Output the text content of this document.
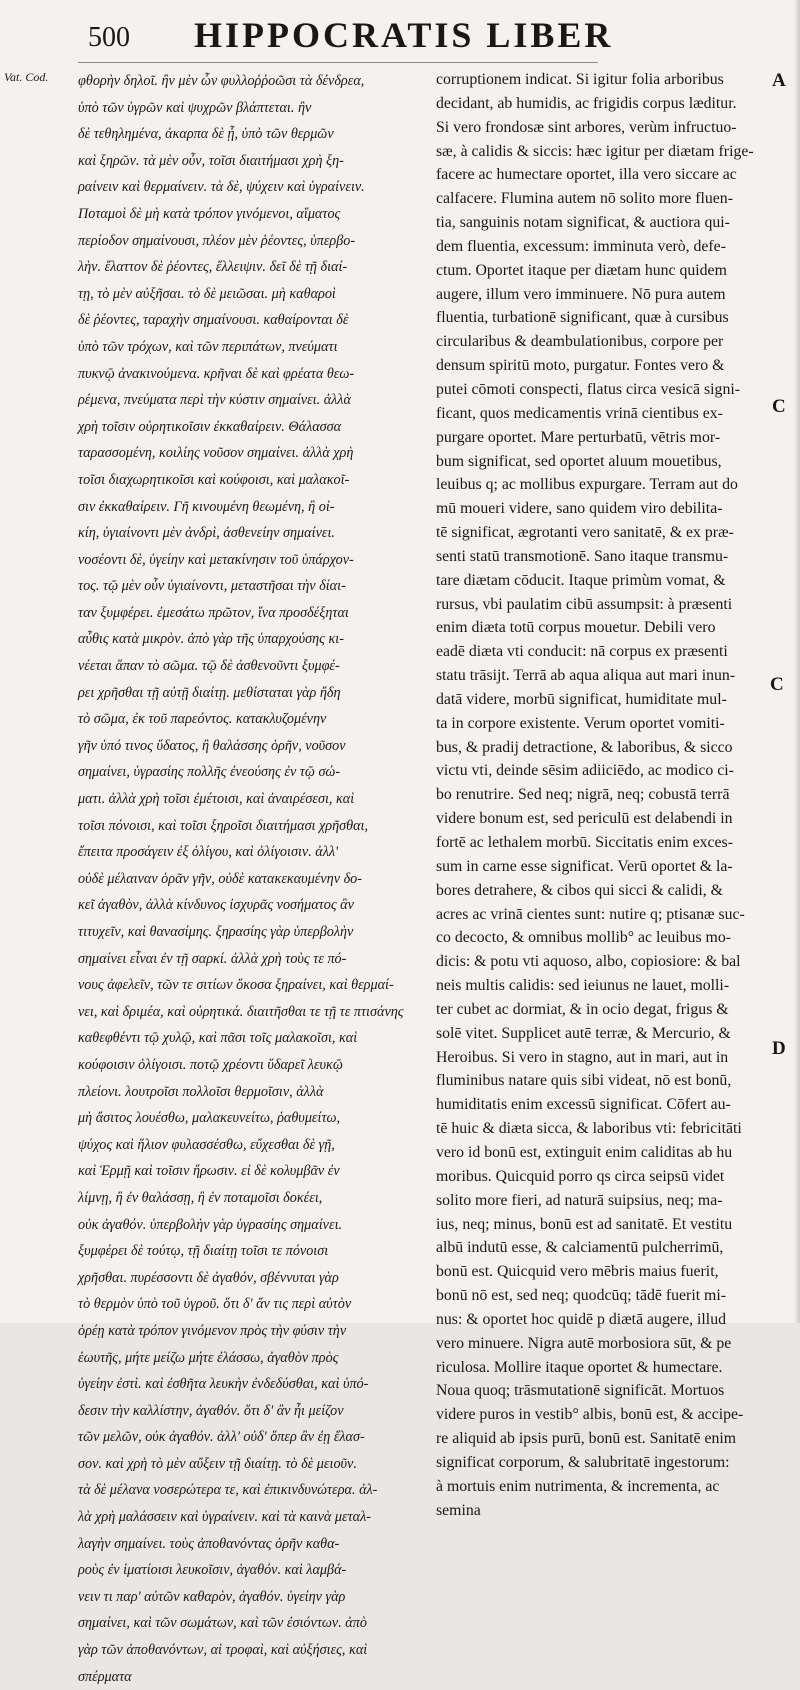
500 HIPPOCRATIS LIBER
Vat. Cod. φθορὴν δηλοῖ. ἢν μὲν ὦν φυλλοῤῥοῶσι τὰ δένδρεα,
ὑπὸ τῶν ὑγρῶν καὶ ψυχρῶν βλάπτεται. ἢν
δὲ τεθηλημένα, ἀκαρπα δὲ ᾖ, ὑπὸ τῶν θερμῶν
καὶ ξηρῶν. τὰ μὲν οὖν, τοῖσι διαιτήμασι χρὴ ξη-
ραίνειν καὶ θερμαίνειν. τὰ δὲ, ψύχειν καὶ ὑγραίνειν.
Ποταμοὶ δὲ μὴ κατὰ τρόπον γινόμενοι, αἵματος
περίοδον σημαίνουσι, πλέον μὲν ῥέοντες, ὑπερβο-
λὴν. ἔλαττον δὲ ῥέοντες, ἔλλειψιν. δεῖ δὲ τῇ διαί-
τῃ, τὸ μὲν αὐξῆσαι. τὸ δὲ μειῶσαι. μὴ καθαροὶ
δὲ ῥέοντες, ταραχὴν σημαίνουσι. καθαίρονται δὲ
ὑπὸ τῶν τρόχων, καὶ τῶν περιπάτων, πνεύματι
πυκνῷ ἀνακινούμενα. κρῆναι δὲ καὶ φρέατα θεω-
ρέμενα, πνεύματα περὶ τὴν κύστιν σημαίνει. ἀλλὰ
χρὴ τοῖσιν οὐρητικοῖσιν ἐκκαθαίρειν. Θάλασσα
ταρασσομένη, κοιλίης νοῦσον σημαίνει. ἀλλὰ χρὴ
τοῖσι διαχωρητικοῖσι καὶ κούφοισι, καὶ μαλακοῖ-
σιν ἐκκαθαίρειν. Γῆ κινουμένη θεωμένη, ἢ οἰ-
κίη, ὑγιαίνοντι μὲν ἀνδρὶ, ἀσθενείην σημαίνει.
νοσέοντι δὲ, ὑγείην καὶ μετακίνησιν τοῦ ὑπάρχον-
τος. τῷ μὲν οὖν ὑγιαίνοντι, μεταστῆσαι τὴν δίαι-
ταν ξυμφέρει. ἐμεσάτω πρῶτον, ἵνα προσδέξηται
αὖθις κατὰ μικρὸν. ἀπὸ γὰρ τῆς ὑπαρχούσης κι-
νέεται ἅπαν τὸ σῶμα. τῷ δὲ ἀσθενοῦντι ξυμφέ-
ρει χρῆσθαι τῇ αὐτῇ διαίτῃ. μεθίσταται γὰρ ἤδη
τὸ σῶμα, ἐκ τοῦ παρεόντος. κατακλυζομένην
γῆν ὑπό τινος ὕδατος, ἢ θαλάσσης ὁρῆν, νοῦσον
σημαίνει, ὑγρασίης πολλῆς ἐνεούσης ἐν τῷ σώ-
ματι. ἀλλὰ χρὴ τοῖσι ἐμέτοισι, καὶ ἀναιρέσεσι, καὶ
τοῖσι πόνοισι, καὶ τοῖσι ξηροῖσι διαιτήμασι χρῆσθαι,
ἔπειτα προσάγειν ἐξ ὀλίγου, καὶ ὀλίγοισιν. ἀλλ'
οὐδὲ μέλαιναν ὁρᾶν γῆν, οὐδὲ κατακεκαυμένην δο-
κεῖ ἀγαθὸν, ἀλλὰ κίνδυνος ἰσχυρᾶς νοσήματος ἂν
τιτυχεῖν, καὶ θανασίμης. ξηρασίης γὰρ ὑπερβολὴν
σημαίνει εἶναι ἐν τῇ σαρκί. ἀλλὰ χρὴ τοὺς τε πό-
νους ἀφελεῖν, τῶν τε σιτίων ὅκοσα ξηραίνει, καὶ θερμαί-
νει, καὶ δριμέα, καὶ οὐρητικά. διαιτῆσθαι τε τῇ τε πτισάνης
καθεφθέντι τῷ χυλῷ, καὶ πᾶσι τοῖς μαλακοῖσι, καὶ
κούφοισιν ὀλίγοισι. ποτῷ χρέοντι ὕδαρεῖ λευκῷ
πλείονι. λουτροῖσι πολλοῖσι θερμοῖσιν, ἀλλὰ
μὴ ἄσιτος λουέσθω, μαλακευνείτω, ῥαθυμείτω,
ψύχος καὶ ἥλιον φυλασσέσθω, εὔχεσθαι δὲ γῇ,
καὶ Ἑρμῇ καὶ τοῖσιν ἥρωσιν. εἰ δὲ κολυμβᾶν ἐν
λίμνῃ, ἢ ἐν θαλάσσῃ, ἢ ἐν ποταμοῖσι δοκέει,
οὐκ ἀγαθόν. ὑπερβολὴν γὰρ ὑγρασίης σημαίνει.
ξυμφέρει δὲ τούτῳ, τῇ διαίτῃ τοῖσι τε πόνοισι
χρῆσθαι. πυρέσσοντι δὲ ἀγαθόν, σβέννυται γὰρ
τὸ θερμὸν ὑπὸ τοῦ ὑγροῦ. ὅτι δ' ἄν τις περὶ αὐτὸν
ὁρέῃ κατὰ τρόπον γινόμενον πρὸς τὴν φύσιν τὴν
ἑωυτῆς, μήτε μείζω μήτε ἐλάσσω, ἀγαθὸν πρὸς
ὑγείην ἐστὶ. καὶ ἐσθῆτα λευκὴν ἐνδεδύσθαι, καὶ ὑπό-
δεσιν τὴν καλλίστην, ἀγαθόν. ὅτι δ' ἂν ἦι μείζον
τῶν μελῶν, οὐκ ἀγαθόν. ἀλλ' οὐδ' ὅπερ ἂν ἐῃ ἔλασ-
σον. καὶ χρὴ τὸ μὲν αὔξειν τῇ διαίτῃ. τὸ δὲ μειοῦν.
τὰ δὲ μέλανα νοσερώτερα τε, καὶ ἐπικινδυνώτερα. ἀλ-
λὰ χρὴ μαλάσσειν καὶ ὑγραίνειν. καὶ τὰ καινὰ μεταλ-
λαγὴν σημαίνει. τοὺς ἀποθανόντας ὁρῆν καθα-
ροὺς ἐν ἱματίοισι λευκοῖσιν, ἀγαθόν. καὶ λαμβά-
νειν τι παρ' αὐτῶν καθαρὸν, ἀγαθόν. ὑγείην γὰρ
σημαίνει, καὶ τῶν σωμάτων, καὶ τῶν ἐσιόντων. ἀπὸ
γὰρ τῶν ἀποθανόντων, αἱ τροφαὶ, καὶ αὐξήσιες, καὶ
σπέρματα
corruptionem indicat. Si igitur folia arboribus
decidant, ab humidis, ac frigidis corpus læditur.
Si vero frondosæ sint arbores, verùm infructuo-
sæ, à calidis & siccis: hæc igitur per diætam frige-
facere ac humectare oportet, illa vero siccare ac
calfacere. Flumina autem nō solito more fluen-
tia, sanguinis notam significat, & auctiora qui-
dem fluentia, excessum: imminuta verò, defe-
ctum. Oportet itaque per diætam hunc quidem
augere, illum vero imminuere. Nō pura autem
fluentia, turbationē significant, quæ à cursibus
circularibus & deambulationibus, corpore per
densum spiritū moto, purgatur. Fontes vero &
putei cōmoti conspecti, flatus circa vesicā signi-
ficant, quos medicamentis vrinā cientibus ex-
purgare oportet. Mare perturbatū, vētris mor-
bum significat, sed oportet aluum mouetibus,
leuibus q; ac mollibus expurgare. Terram aut do
mū moueri videre, sano quidem viro debilita-
tē significat, ægrotanti vero sanitatē, & ex præ-
senti statū transmotionē. Sano itaque transmu-
tare diætam cōducit. Itaque primùm vomat, &
rursus, vbi paulatim cibū assumpsit: à præsenti
enim diæta totū corpus mouetur. Debili vero
eadē diæta vti conducit: nā corpus ex præsenti
statu trāsijt. Terrā ab aqua aliqua aut mari inun-
datā videre, morbū significat, humiditate mul-
ta in corpore existente. Verum oportet vomiti-
bus, & pradij detractione, & laboribus, & sicco
victu vti, deinde sēsim adiiciēdo, ac modico ci-
bo renutrire. Sed neq; nigrā, neq; cobustā terrā
videre bonum est, sed periculū est delabendi in
fortē ac lethalem morbū. Siccitatis enim exces-
sum in carne esse significat. Verū oportet & la-
bores detrahere, & cibos qui sicci & calidi, &
acres ac vrinā cientes sunt: nutire q; ptisanæ suc-
co decocto, & omnibus mollib° ac leuibus mo-
dicis: & potu vti aquoso, albo, copiosiore: & bal
neis multis calidis: sed ieiunus ne lauet, molli-
ter cubet ac dormiat, & in ocio degat, frigus &
solē vitet. Supplicet autē terræ, & Mercurio, &
Heroibus. Si vero in stagno, aut in mari, aut in
fluminibus natare quis sibi videat, nō est bonū,
humiditatis enim excessū significat. Cōfert au-
tē huic & diæta sicca, & laboribus vti: febricitāti
vero id bonū est, extinguit enim caliditas ab hu
moribus. Quicquid porro qs circa seipsū videt
solito more fieri, ad naturā suipsius, neq; ma-
ius, neq; minus, bonū est ad sanitatē. Et vestitu
albū indutū esse, & calciamentū pulcherrimū,
bonū est. Quicquid vero mēbris maius fuerit,
bonū nō est, sed neq; quodcūq; tādē fuerit mi-
nus: & oportet hoc quidē p diætā augere, illud
vero minuere. Nigra autē morbosiora sūt, & pe
riculosa. Mollire itaque oportet & humectare.
Noua quoq; trāsmutationē significāt. Mortuos
videre puros in vestib° albis, bonū est, & accipe-
re aliquid ab ipsis purū, bonū est. Sanitatē enim
significat corporum, & salubritatē ingestorum:
à mortuis enim nutrimenta, & incrementa, ac
semina
A
C
C
D
